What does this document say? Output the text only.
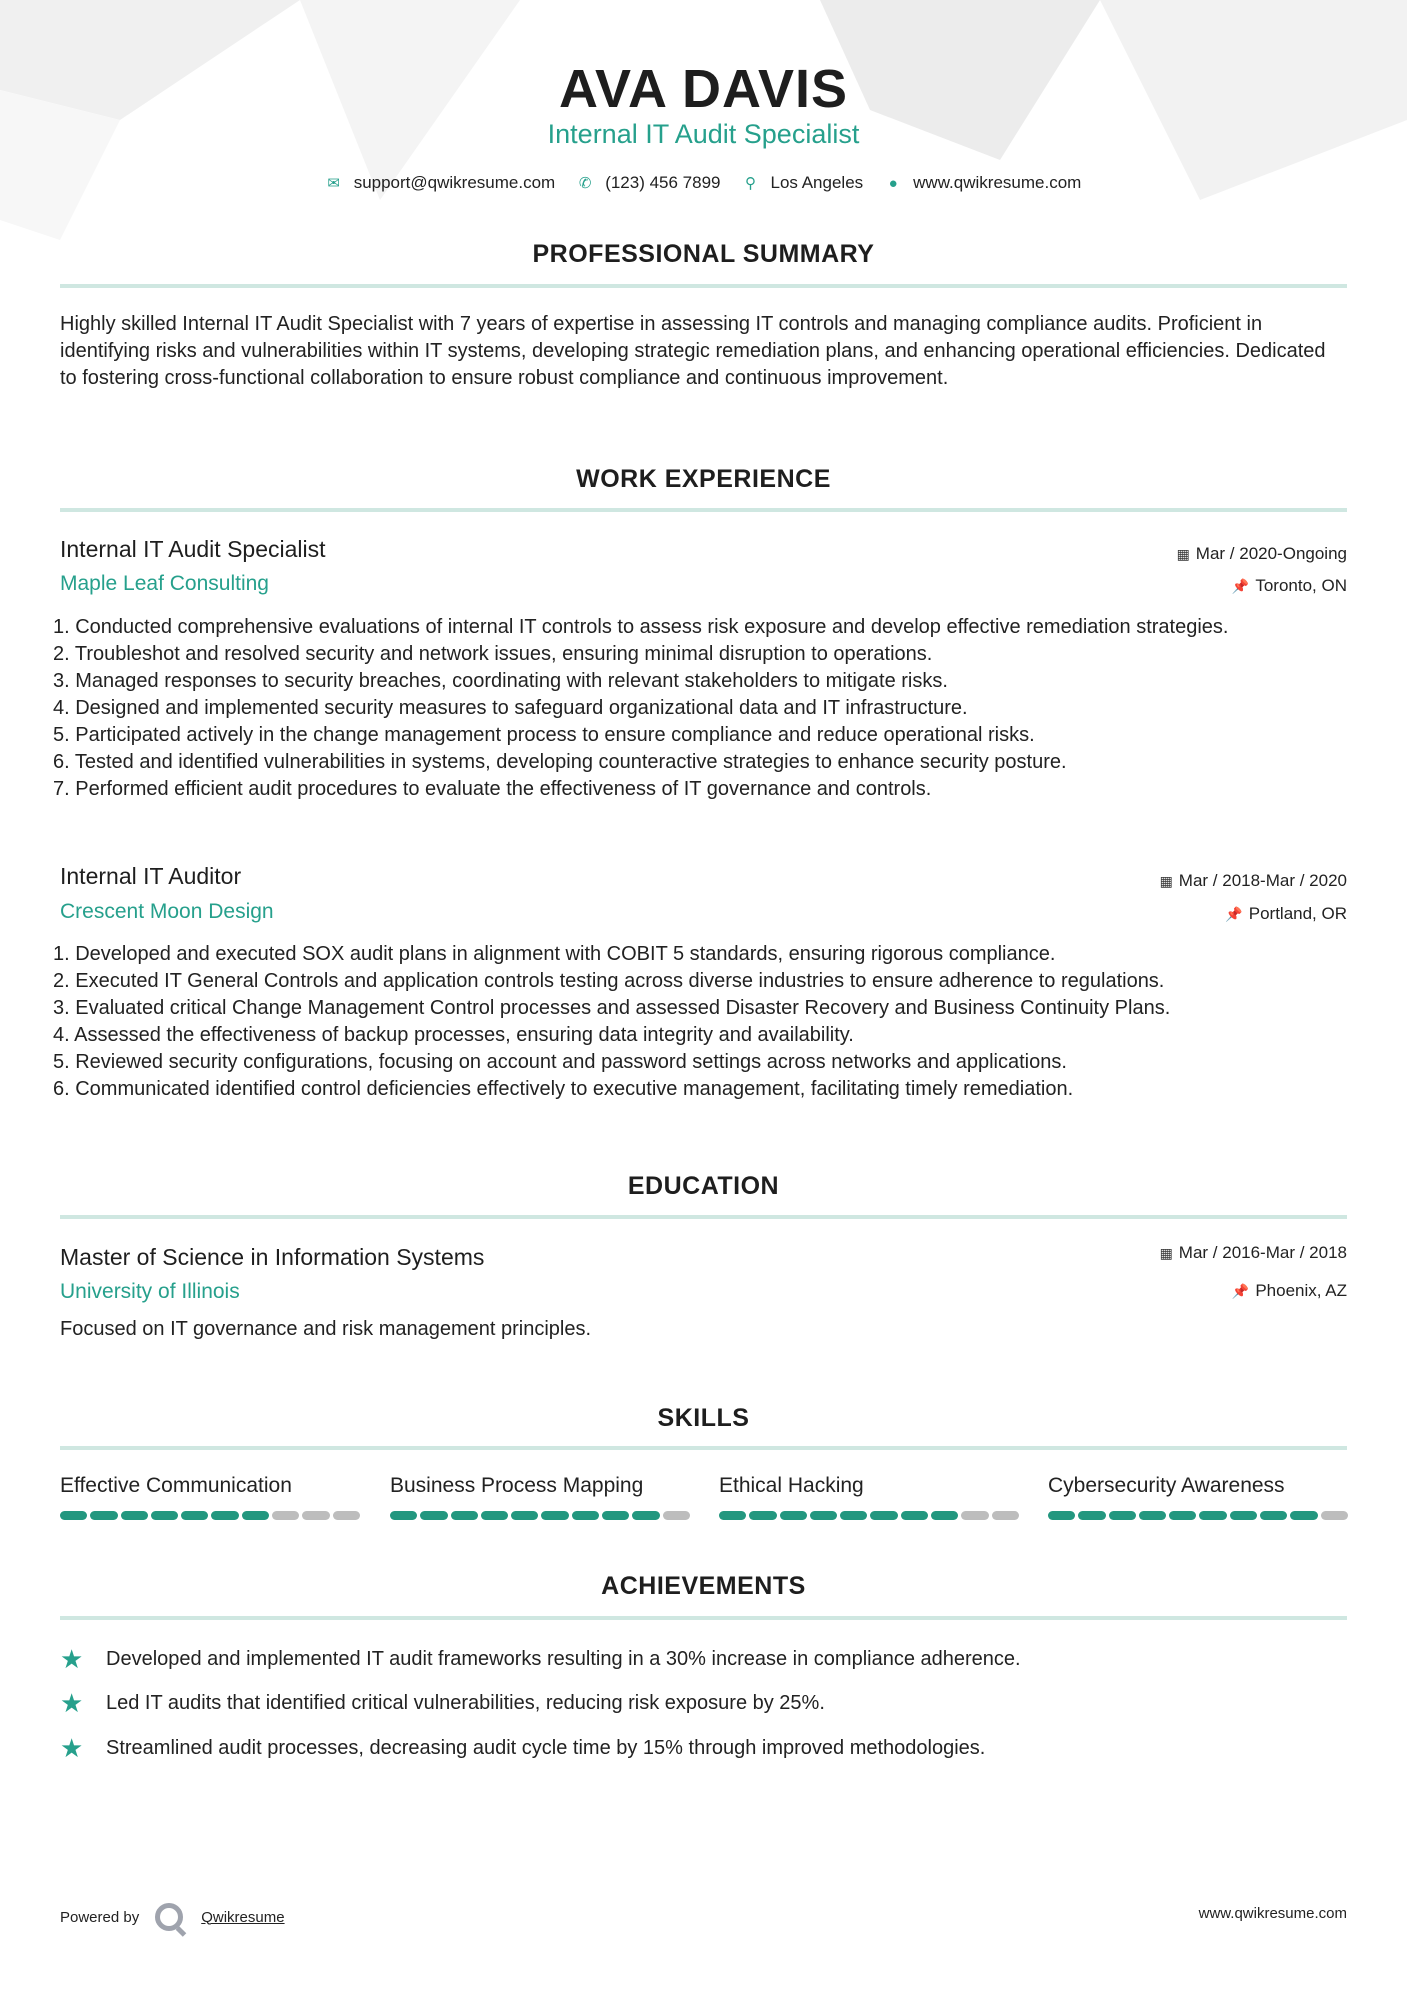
AVA DAVIS
Internal IT Audit Specialist
✉ support@qwikresume.com ✆ (123) 456 7899 ⚲ Los Angeles ● www.qwikresume.com
PROFESSIONAL SUMMARY
Highly skilled Internal IT Audit Specialist with 7 years of expertise in assessing IT controls and managing compliance audits. Proficient in identifying risks and vulnerabilities within IT systems, developing strategic remediation plans, and enhancing operational efficiencies. Dedicated to fostering cross-functional collaboration to ensure robust compliance and continuous improvement.
WORK EXPERIENCE
Internal IT Audit Specialist	▦ Mar / 2020-Ongoing
Maple Leaf Consulting	📌 Toronto, ON
1. Conducted comprehensive evaluations of internal IT controls to assess risk exposure and develop effective remediation strategies.
2. Troubleshot and resolved security and network issues, ensuring minimal disruption to operations.
3. Managed responses to security breaches, coordinating with relevant stakeholders to mitigate risks.
4. Designed and implemented security measures to safeguard organizational data and IT infrastructure.
5. Participated actively in the change management process to ensure compliance and reduce operational risks.
6. Tested and identified vulnerabilities in systems, developing counteractive strategies to enhance security posture.
7. Performed efficient audit procedures to evaluate the effectiveness of IT governance and controls.
Internal IT Auditor	▦ Mar / 2018-Mar / 2020
Crescent Moon Design	📌 Portland, OR
1. Developed and executed SOX audit plans in alignment with COBIT 5 standards, ensuring rigorous compliance.
2. Executed IT General Controls and application controls testing across diverse industries to ensure adherence to regulations.
3. Evaluated critical Change Management Control processes and assessed Disaster Recovery and Business Continuity Plans.
4. Assessed the effectiveness of backup processes, ensuring data integrity and availability.
5. Reviewed security configurations, focusing on account and password settings across networks and applications.
6. Communicated identified control deficiencies effectively to executive management, facilitating timely remediation.
EDUCATION
Master of Science in Information Systems	▦ Mar / 2016-Mar / 2018
University of Illinois	📌 Phoenix, AZ
Focused on IT governance and risk management principles.
SKILLS
Effective Communication	Business Process Mapping	Ethical Hacking	Cybersecurity Awareness
ACHIEVEMENTS
★	Developed and implemented IT audit frameworks resulting in a 30% increase in compliance adherence.
★	Led IT audits that identified critical vulnerabilities, reducing risk exposure by 25%.
★	Streamlined audit processes, decreasing audit cycle time by 15% through improved methodologies.
Powered by	Qwikresume	www.qwikresume.com
